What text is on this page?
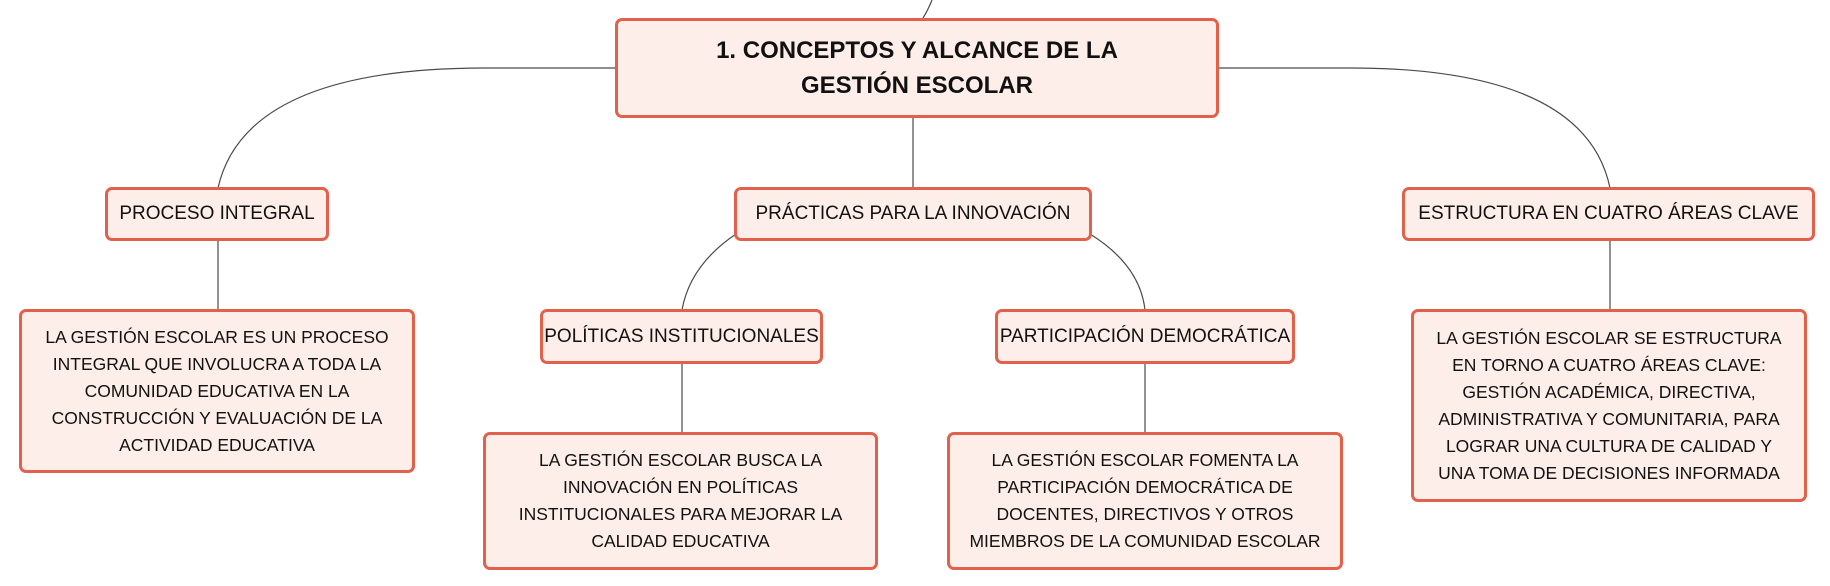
1. CONCEPTOS Y ALCANCE DE LA GESTIÓN ESCOLAR
PROCESO INTEGRAL	PRÁCTICAS PARA LA INNOVACIÓN	ESTRUCTURA EN CUATRO ÁREAS CLAVE
POLÍTICAS INSTITUCIONALES	PARTICIPACIÓN DEMOCRÁTICA
LA GESTIÓN ESCOLAR ES UN PROCESO INTEGRAL QUE INVOLUCRA A TODA LA COMUNIDAD EDUCATIVA EN LA CONSTRUCCIÓN Y EVALUACIÓN DE LA ACTIVIDAD EDUCATIVA
LA GESTIÓN ESCOLAR BUSCA LA INNOVACIÓN EN POLÍTICAS INSTITUCIONALES PARA MEJORAR LA CALIDAD EDUCATIVA
LA GESTIÓN ESCOLAR FOMENTA LA PARTICIPACIÓN DEMOCRÁTICA DE DOCENTES, DIRECTIVOS Y OTROS MIEMBROS DE LA COMUNIDAD ESCOLAR
LA GESTIÓN ESCOLAR SE ESTRUCTURA EN TORNO A CUATRO ÁREAS CLAVE: GESTIÓN ACADÉMICA, DIRECTIVA, ADMINISTRATIVA Y COMUNITARIA, PARA LOGRAR UNA CULTURA DE CALIDAD Y UNA TOMA DE DECISIONES INFORMADA
